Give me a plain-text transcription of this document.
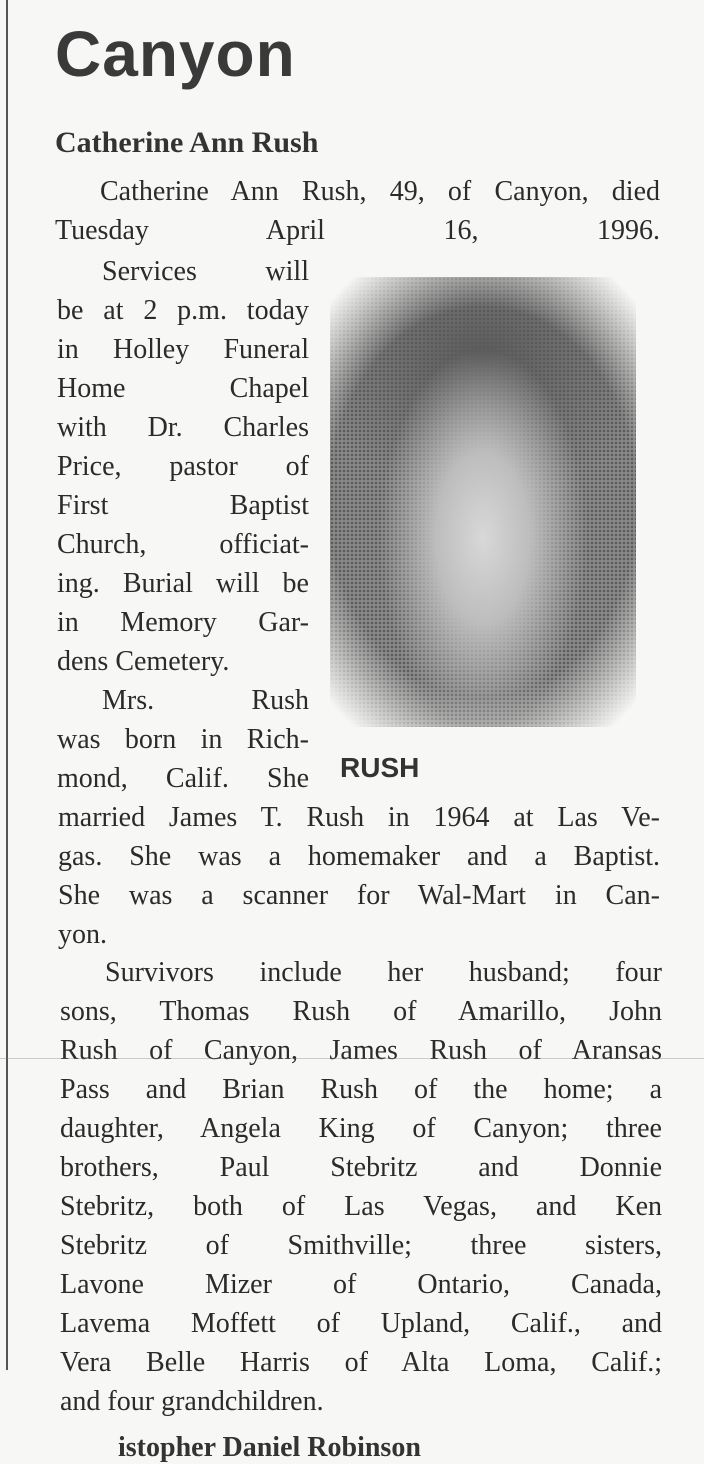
Canyon
Catherine Ann Rush
Catherine Ann Rush, 49, of Canyon, died Tuesday April 16, 1996.
Services will
be at 2 p.m. today
in Holley Funeral
Home Chapel
with Dr. Charles
Price, pastor of
First Baptist
Church, officiat-
ing. Burial will be
in Memory Gar-
dens Cemetery.
Mrs. Rush
was born in Rich-
mond, Calif. She RUSH
married James T. Rush in 1964 at Las Ve-
gas. She was a homemaker and a Baptist.
She was a scanner for Wal-Mart in Can-
yon.
Survivors include her husband; four
sons, Thomas Rush of Amarillo, John
Rush of Canyon, James Rush of Aransas
Pass and Brian Rush of the home; a
daughter, Angela King of Canyon; three
brothers, Paul Stebritz and Donnie
Stebritz, both of Las Vegas, and Ken
Stebritz of Smithville; three sisters,
Lavone Mizer of Ontario, Canada,
Lavema Moffett of Upland, Calif., and
Vera Belle Harris of Alta Loma, Calif.;
and four grandchildren.
istopher Daniel Robinson
